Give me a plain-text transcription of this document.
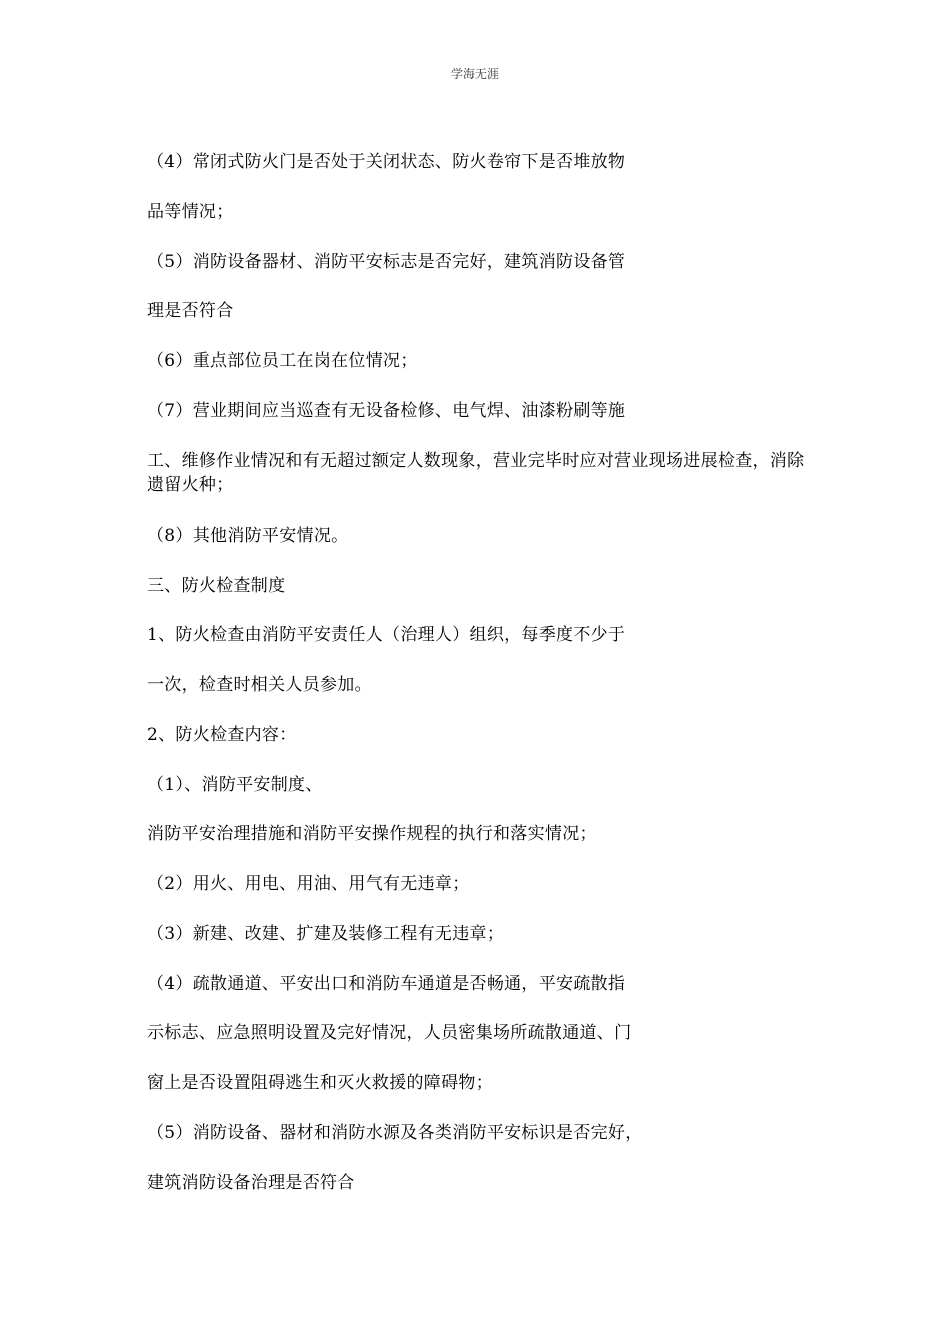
学海无涯
（4）常闭式防火门是否处于关闭状态、防火卷帘下是否堆放物
品等情况；
（5）消防设备器材、消防平安标志是否完好，建筑消防设备管
理是否符合
（6）重点部位员工在岗在位情况；
（7）营业期间应当巡查有无设备检修、电气焊、油漆粉刷等施
工、维修作业情况和有无超过额定人数现象，营业完毕时应对营业现场进展检查，消除遗留火种；
（8）其他消防平安情况。
三、防火检查制度
1、防火检查由消防平安责任人（治理人）组织，每季度不少于
一次，检查时相关人员参加。
2、防火检查内容：
（1）、消防平安制度、
消防平安治理措施和消防平安操作规程的执行和落实情况；
（2）用火、用电、用油、用气有无违章；
（3）新建、改建、扩建及装修工程有无违章；
（4）疏散通道、平安出口和消防车通道是否畅通，平安疏散指
示标志、应急照明设置及完好情况，人员密集场所疏散通道、门
窗上是否设置阻碍逃生和灭火救援的障碍物；
（5）消防设备、器材和消防水源及各类消防平安标识是否完好，
建筑消防设备治理是否符合
